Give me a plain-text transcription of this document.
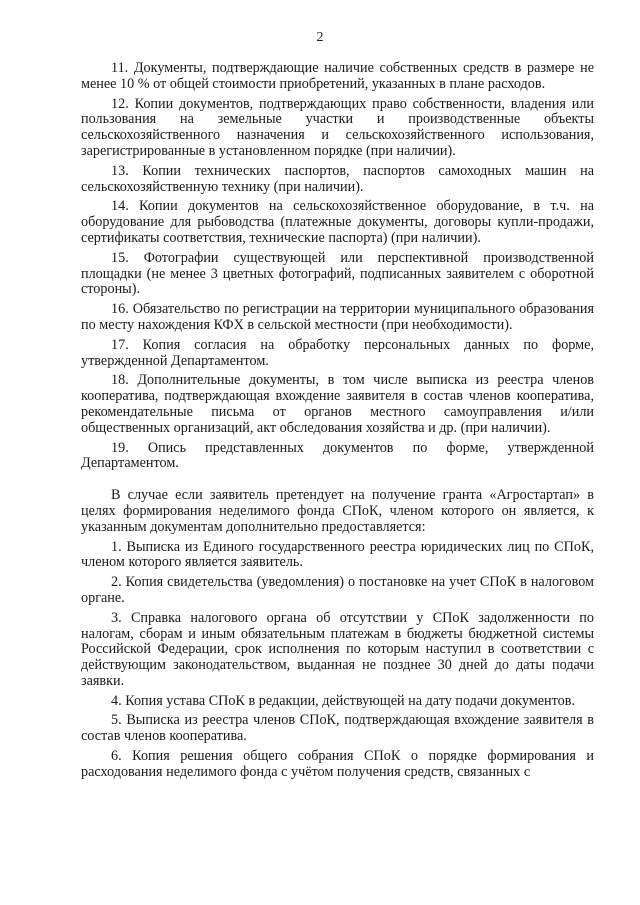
2

11. Документы, подтверждающие наличие собственных средств в размере не менее 10 % от общей стоимости приобретений, указанных в плане расходов.

12. Копии документов, подтверждающих право собственности, владения или пользования на земельные участки и производственные объекты сельскохозяйственного назначения и сельскохозяйственного использования, зарегистрированные в установленном порядке (при наличии).

13. Копии технических паспортов, паспортов самоходных машин на сельскохозяйственную технику (при наличии).

14. Копии документов на сельскохозяйственное оборудование, в т.ч. на оборудование для рыбоводства (платежные документы, договоры купли-продажи, сертификаты соответствия, технические паспорта) (при наличии).

15. Фотографии существующей или перспективной производственной площадки (не менее 3 цветных фотографий, подписанных заявителем с оборотной стороны).

16. Обязательство по регистрации на территории муниципального образования по месту нахождения КФХ в сельской местности (при необходимости).

17. Копия согласия на обработку персональных данных по форме, утвержденной Департаментом.

18. Дополнительные документы, в том числе выписка из реестра членов кооператива, подтверждающая вхождение заявителя в состав членов кооператива, рекомендательные письма от органов местного самоуправления и/или общественных организаций, акт обследования хозяйства и др. (при наличии).

19. Опись представленных документов по форме, утвержденной Департаментом.

В случае если заявитель претендует на получение гранта «Агростартап» в целях формирования неделимого фонда СПоК, членом которого он является, к указанным документам дополнительно предоставляется:

1. Выписка из Единого государственного реестра юридических лиц по СПоК, членом которого является заявитель.

2. Копия свидетельства (уведомления) о постановке на учет СПоК в налоговом органе.

3. Справка налогового органа об отсутствии у СПоК задолженности по налогам, сборам и иным обязательным платежам в бюджеты бюджетной системы Российской Федерации, срок исполнения по которым наступил в соответствии с действующим законодательством, выданная не позднее 30 дней до даты подачи заявки.

4. Копия устава СПоК в редакции, действующей на дату подачи документов.

5. Выписка из реестра членов СПоК, подтверждающая вхождение заявителя в состав членов кооператива.

6. Копия решения общего собрания СПоК о порядке формирования и расходования неделимого фонда с учётом получения средств, связанных с
